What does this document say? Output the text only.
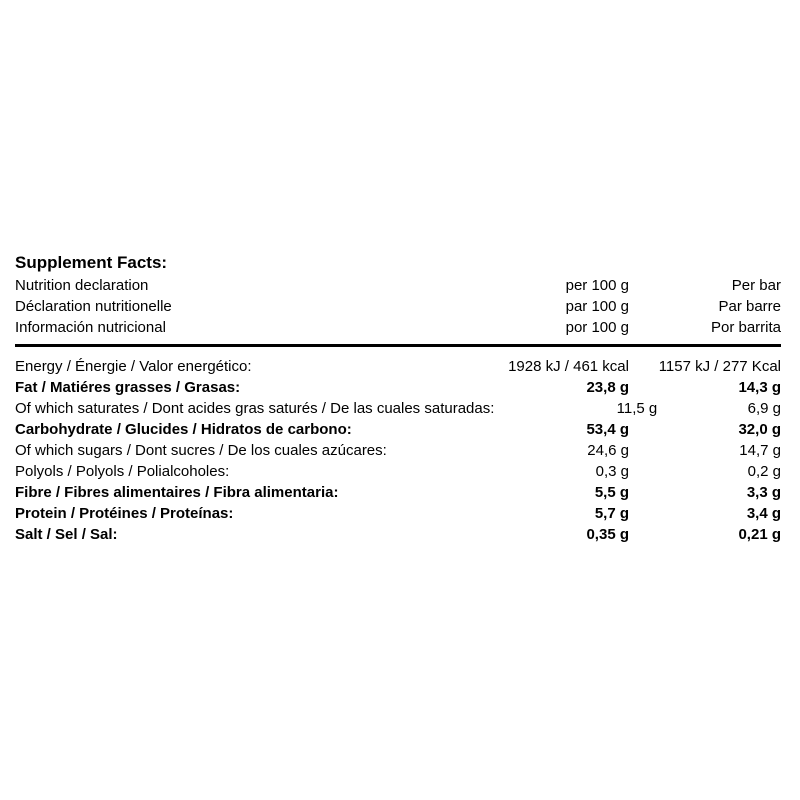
Supplement Facts:
Nutrition declaration	per 100 g	Per bar
Déclaration nutritionelle	par 100 g	Par barre
Información nutricional	por 100 g	Por barrita
Energy / Énergie / Valor energético:	1928 kJ / 461 kcal	1157 kJ / 277 Kcal
Fat / Matiéres grasses / Grasas:	23,8 g	14,3 g
Of which saturates / Dont acides gras saturés / De las cuales saturadas:	11,5 g	6,9 g
Carbohydrate / Glucides / Hidratos de carbono:	53,4 g	32,0 g
Of which sugars / Dont sucres / De los cuales azúcares:	24,6 g	14,7 g
Polyols / Polyols / Polialcoholes:	0,3 g	0,2 g
Fibre / Fibres alimentaires / Fibra alimentaria:	5,5 g	3,3 g
Protein / Protéines / Proteínas:	5,7 g	3,4 g
Salt / Sel / Sal:	0,35 g	0,21 g
